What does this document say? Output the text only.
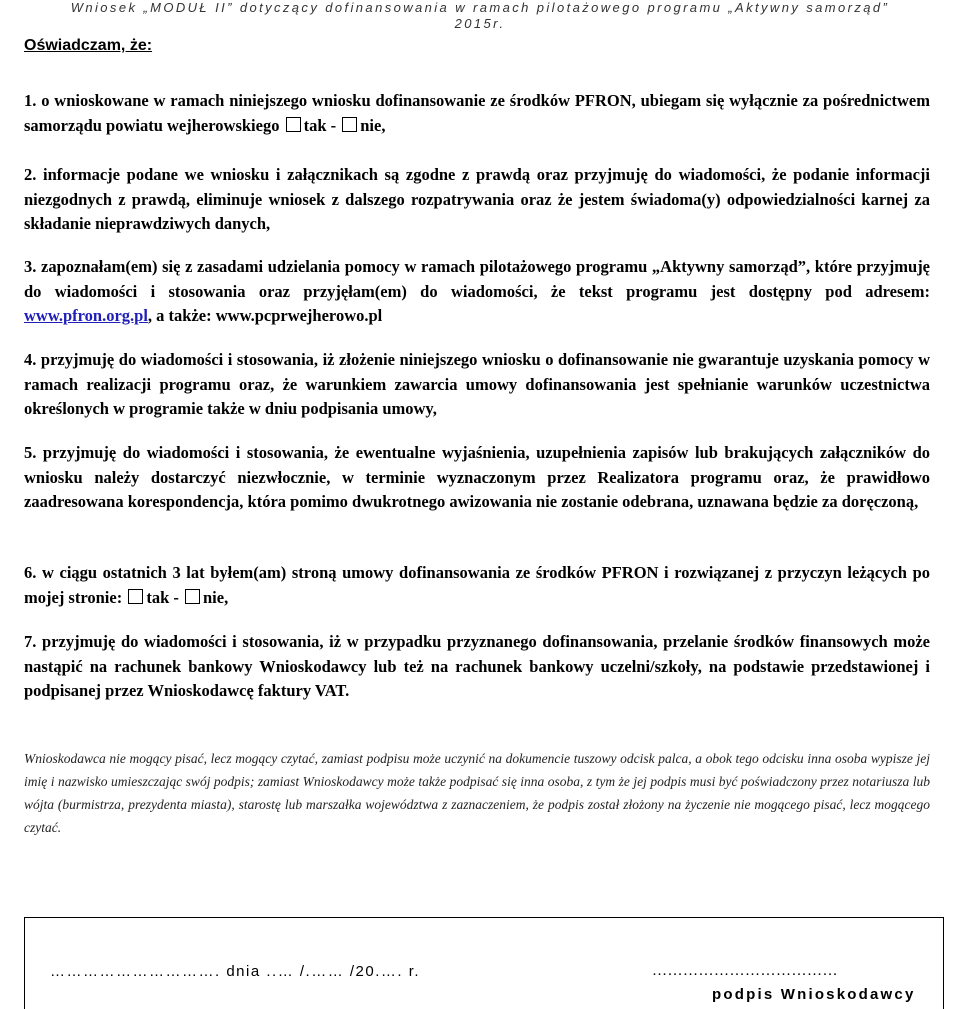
Wniosek „MODUŁ II” dotyczący dofinansowania w ramach pilotażowego programu „Aktywny samorząd”
2015r.
Oświadczam, że:
1. o wnioskowane w ramach niniejszego wniosku dofinansowanie ze środków PFRON, ubiegam się wyłącznie za pośrednictwem samorządu powiatu wejherowskiego tak - nie,
2. informacje podane we wniosku i załącznikach są zgodne z prawdą oraz przyjmuję do wiadomości, że podanie informacji niezgodnych z prawdą, eliminuje wniosek z dalszego rozpatrywania oraz że jestem świadoma(y) odpowiedzialności karnej za składanie nieprawdziwych danych,
3. zapoznałam(em) się z zasadami udzielania pomocy w ramach pilotażowego programu „Aktywny samorząd”, które przyjmuję do wiadomości i stosowania oraz przyjęłam(em) do wiadomości, że tekst programu jest dostępny pod adresem: www.pfron.org.pl, a także: www.pcprwejherowo.pl
4. przyjmuję do wiadomości i stosowania, iż złożenie niniejszego wniosku o dofinansowanie nie gwarantuje uzyskania pomocy w ramach realizacji programu oraz, że warunkiem zawarcia umowy dofinansowania jest spełnianie warunków uczestnictwa określonych w programie także w dniu podpisania umowy,
5. przyjmuję do wiadomości i stosowania, że ewentualne wyjaśnienia, uzupełnienia zapisów lub brakujących załączników do wniosku należy dostarczyć niezwłocznie, w terminie wyznaczonym przez Realizatora programu oraz, że prawidłowo zaadresowana korespondencja, która pomimo dwukrotnego awizowania nie zostanie odebrana, uznawana będzie za doręczoną,
6. w ciągu ostatnich 3 lat byłem(am) stroną umowy dofinansowania ze środków PFRON i rozwiązanej z przyczyn leżących po mojej stronie: tak - nie,
7. przyjmuję do wiadomości i stosowania, iż w przypadku przyznanego dofinansowania, przelanie środków finansowych może nastąpić na rachunek bankowy Wnioskodawcy lub też na rachunek bankowy uczelni/szkoły, na podstawie przedstawionej i podpisanej przez Wnioskodawcę faktury VAT.
Wnioskodawca nie mogący pisać, lecz mogący czytać, zamiast podpisu może uczynić na dokumencie tuszowy odcisk palca, a obok tego odcisku inna osoba wypisze jej imię i nazwisko umieszczając swój podpis; zamiast Wnioskodawcy może także podpisać się inna osoba, z tym że jej podpis musi być poświadczony przez notariusza lub wójta (burmistrza, prezydenta miasta), starostę lub marszałka województwa z zaznaczeniem, że podpis został złożony na życzenie nie mogącego pisać, lecz mogącego czytać.
…………………………. dnia ..… /.…… /20.…. r.	………………………………
podpis Wnioskodawcy
